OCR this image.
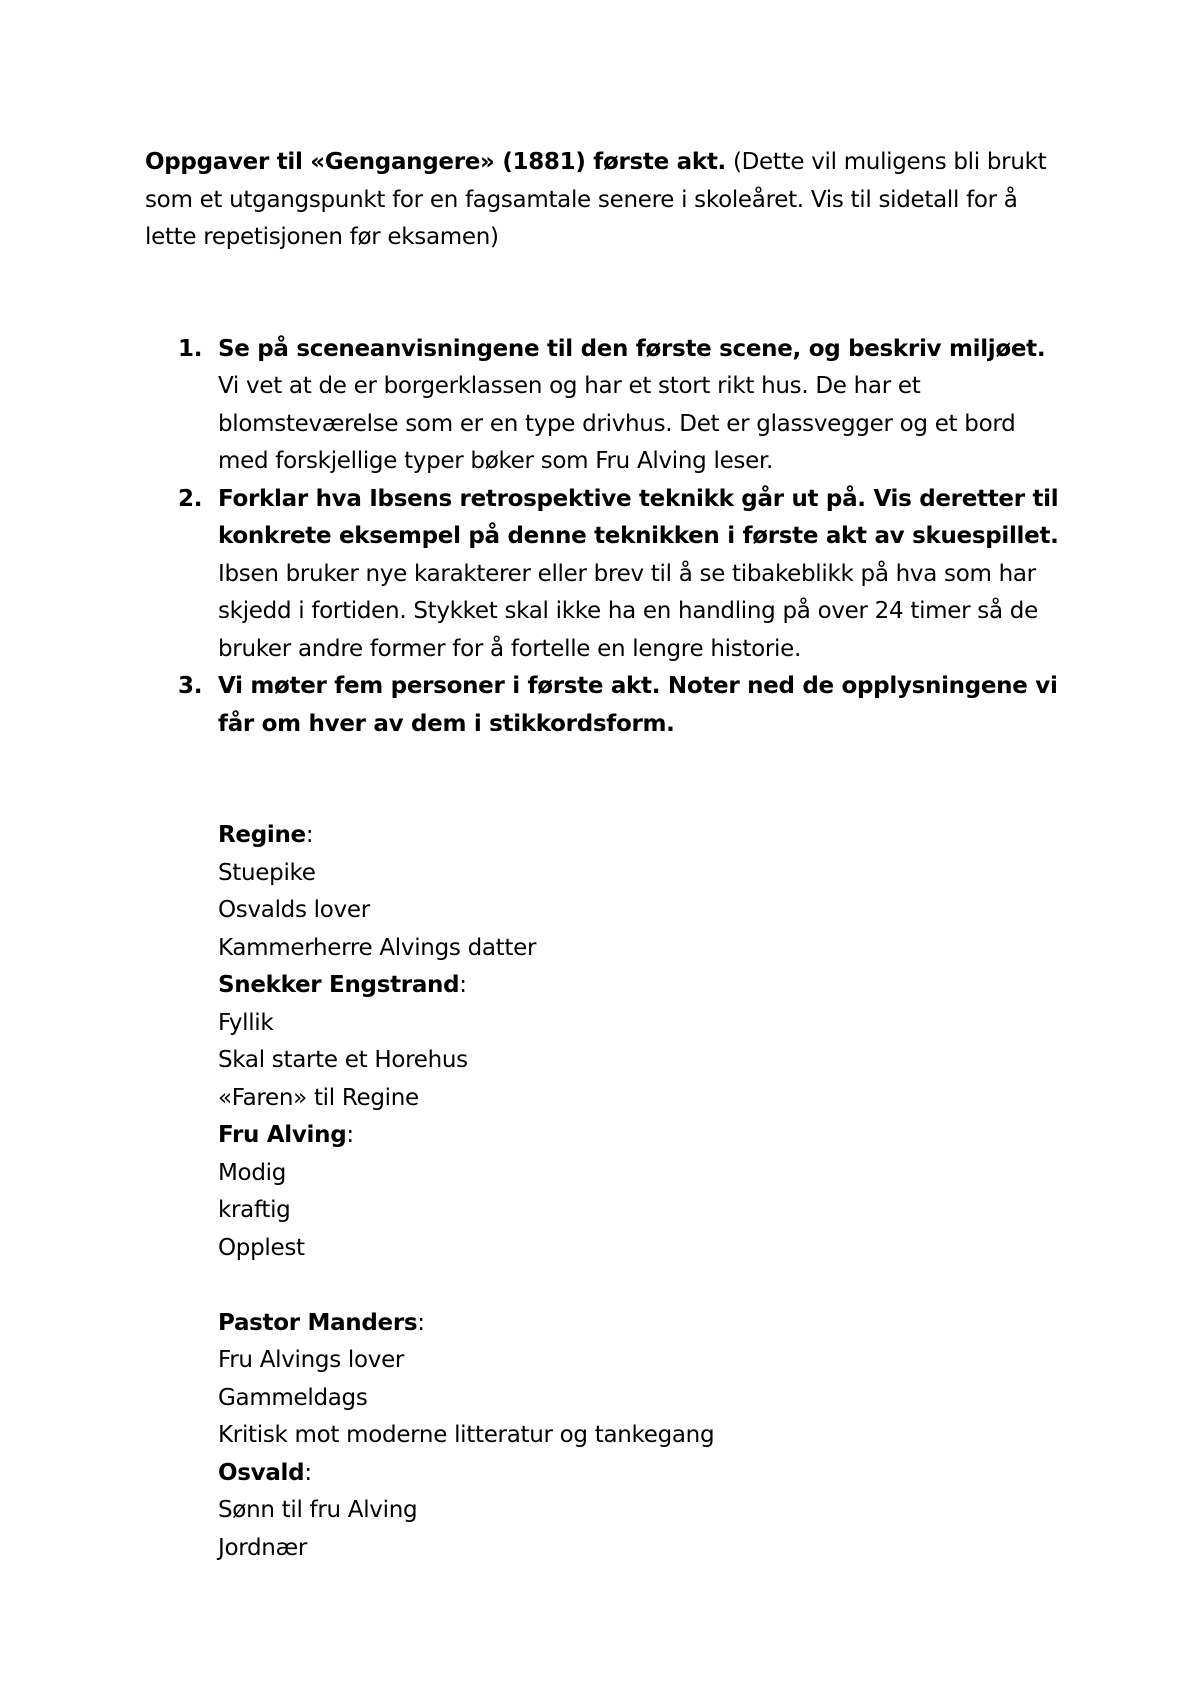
Oppgaver til «Gengangere» (1881) første akt. (Dette vil muligens bli brukt som et utgangspunkt for en fagsamtale senere i skoleåret. Vis til sidetall for å lette repetisjonen før eksamen)

1. Se på sceneanvisningene til den første scene, og beskriv miljøet.
Vi vet at de er borgerklassen og har et stort rikt hus. De har et blomsteværelse som er en type drivhus. Det er glassvegger og et bord med forskjellige typer bøker som Fru Alving leser.
2. Forklar hva Ibsens retrospektive teknikk går ut på. Vis deretter til konkrete eksempel på denne teknikken i første akt av skuespillet.
Ibsen bruker nye karakterer eller brev til å se tibakeblikk på hva som har skjedd i fortiden. Stykket skal ikke ha en handling på over 24 timer så de bruker andre former for å fortelle en lengre historie.
3. Vi møter fem personer i første akt. Noter ned de opplysningene vi får om hver av dem i stikkordsform.
Regine:
Stuepike
Osvalds lover
Kammerherre Alvings datter
Snekker Engstrand:
Fyllik
Skal starte et Horehus
«Faren» til Regine
Fru Alving:
Modig
kraftig
Opplest
Pastor Manders:
Fru Alvings lover
Gammeldags
Kritisk mot moderne litteratur og tankegang
Osvald:
Sønn til fru Alving
Jordnær
